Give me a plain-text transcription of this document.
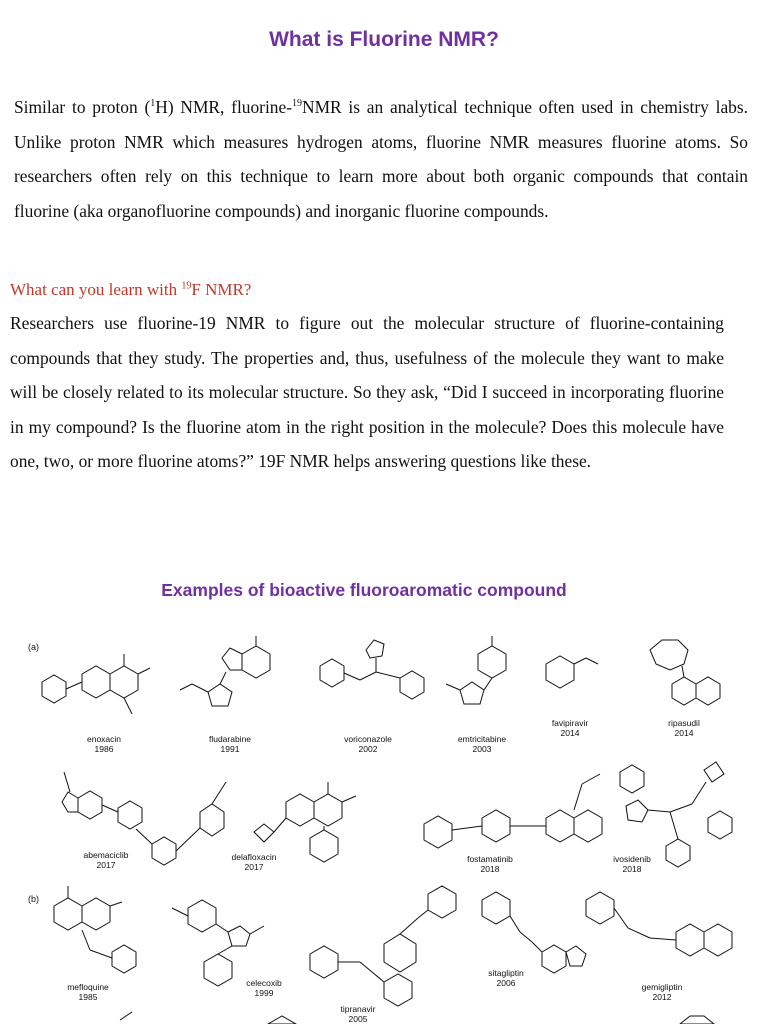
What is Fluorine NMR?

Similar to proton ($^1$H) NMR, fluorine-$^{19}$NMR is an analytical technique often used in chemistry labs. Unlike proton NMR which measures hydrogen atoms, fluorine NMR measures fluorine atoms. So researchers often rely on this technique to learn more about both organic compounds that contain fluorine (aka organofluorine compounds) and inorganic fluorine compounds.

What can you learn with $^{19}$F NMR?

Researchers use fluorine-19 NMR to figure out the molecular structure of fluorine-containing compounds that they study. The properties and, thus, usefulness of the molecule they want to make will be closely related to its molecular structure. So they ask, “Did I succeed in incorporating fluorine in my compound? Is the fluorine atom in the right position in the molecule? Does this molecule have one, two, or more fluorine atoms?” 19F NMR helps answering questions like these.

Examples of bioactive fluoroaromatic compound
(a)
(b)
enoxacin
1986
fludarabine
1991
voriconazole
2002
emtricitabine
2003
favipiravir
2014
ripasudil
2014
abemaciclib
2017
delafloxacin
2017
fostamatinib
2018
ivosidenib
2018
mefloquine
1985
celecoxib
1999
tipranavir
2005
sitagliptin
2006	gemigliptin
2012
